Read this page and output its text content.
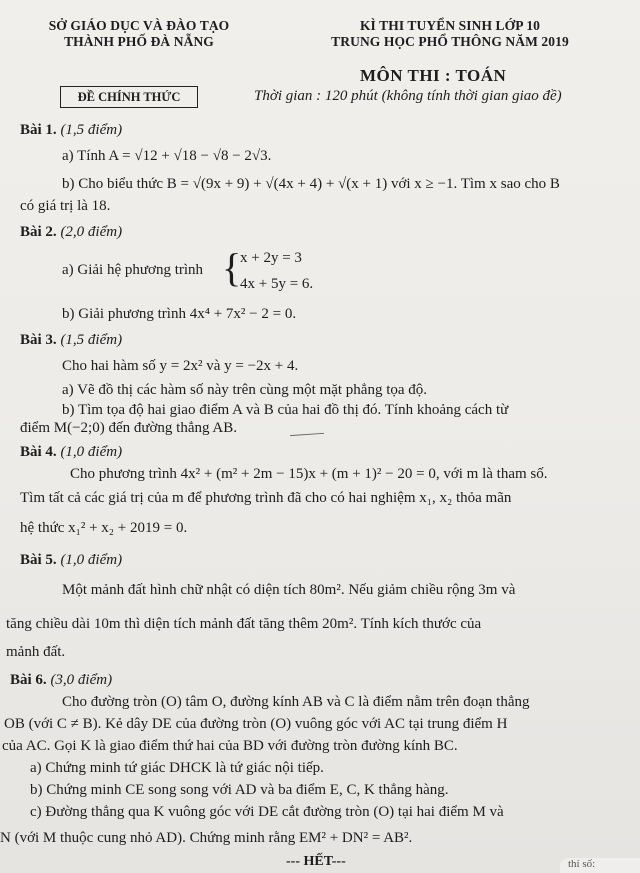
SỞ GIÁO DỤC VÀ ĐÀO TẠO
THÀNH PHỐ ĐÀ NẴNG
KÌ THI TUYỂN SINH LỚP 10
TRUNG HỌC PHỔ THÔNG NĂM 2019
MÔN THI : TOÁN
ĐỀ CHÍNH THỨC	Thời gian : 120 phút (không tính thời gian giao đề)
Bài 1. (1,5 điểm)
a) Tính A = √12 + √18 − √8 − 2√3.
b) Cho biểu thức B = √(9x + 9) + √(4x + 4) + √(x + 1) với x ≥ −1. Tìm x sao cho B
có giá trị là 18.
Bài 2. (2,0 điểm)
a) Giải hệ phương trình {
x + 2y = 3
4x + 5y = 6.
b) Giải phương trình 4x⁴ + 7x² − 2 = 0.
Bài 3. (1,5 điểm)
Cho hai hàm số y = 2x² và y = −2x + 4.
a) Vẽ đồ thị các hàm số này trên cùng một mặt phẳng tọa độ.
b) Tìm tọa độ hai giao điểm A và B của hai đồ thị đó. Tính khoảng cách từ
điểm M(−2;0) đến đường thẳng AB.
Bài 4. (1,0 điểm)
Cho phương trình 4x² + (m² + 2m − 15)x + (m + 1)² − 20 = 0, với m là tham số.
Tìm tất cả các giá trị của m để phương trình đã cho có hai nghiệm x₁, x₂ thỏa mãn
hệ thức x₁² + x₂ + 2019 = 0.
Bài 5. (1,0 điểm)
Một mảnh đất hình chữ nhật có diện tích 80m². Nếu giảm chiều rộng 3m và
tăng chiều dài 10m thì diện tích mảnh đất tăng thêm 20m². Tính kích thước của
mảnh đất.
Bài 6. (3,0 điểm)
Cho đường tròn (O) tâm O, đường kính AB và C là điểm nằm trên đoạn thẳng
OB (với C ≠ B). Kẻ dây DE của đường tròn (O) vuông góc với AC tại trung điểm H
của AC. Gọi K là giao điểm thứ hai của BD với đường tròn đường kính BC.
a) Chứng minh tứ giác DHCK là tứ giác nội tiếp.
b) Chứng minh CE song song với AD và ba điểm E, C, K thẳng hàng.
c) Đường thẳng qua K vuông góc với DE cắt đường tròn (O) tại hai điểm M và
N (với M thuộc cung nhỏ AD). Chứng minh rằng EM² + DN² = AB².
--- HẾT---	thí số:
